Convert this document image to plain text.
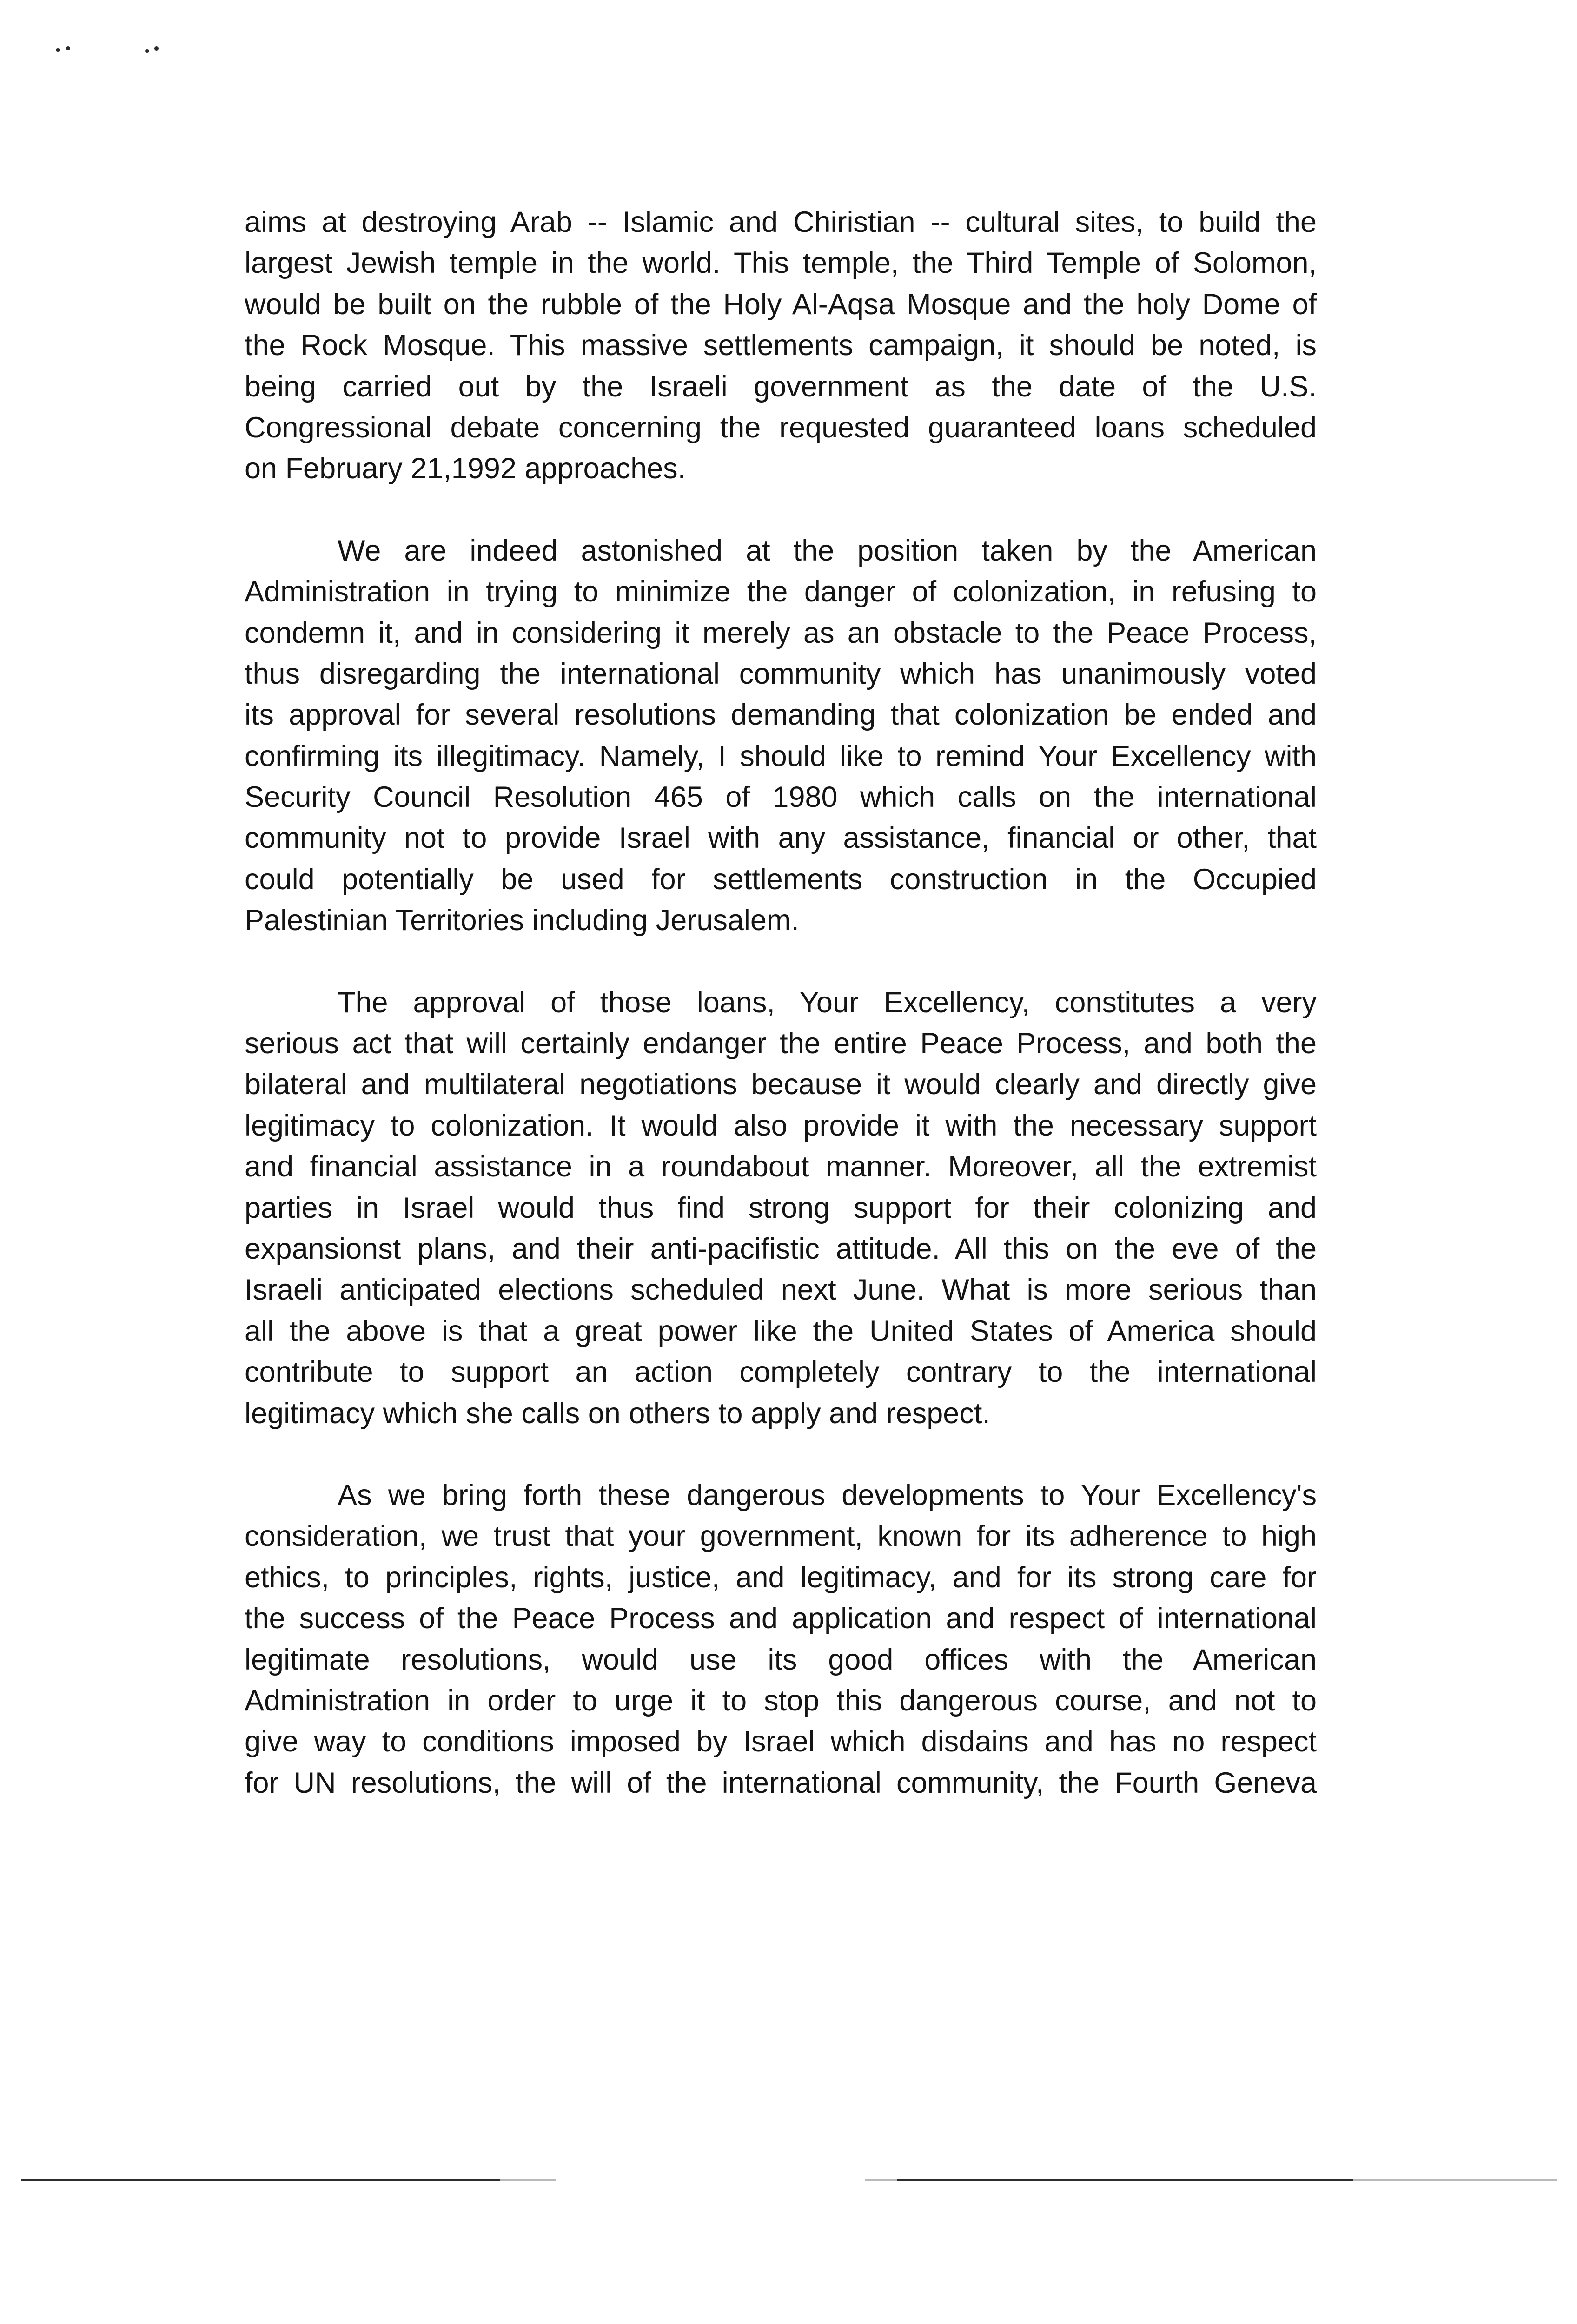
aims at destroying Arab -- Islamic and Chiristian -- cultural sites, to build the
largest Jewish temple in the world. This temple, the Third Temple of Solomon,
would be built on the rubble of the Holy Al-Aqsa Mosque and the holy Dome of
the Rock Mosque. This massive settlements campaign, it should be noted, is
being carried out by the Israeli government as the date of the U.S.
Congressional debate concerning the requested guaranteed loans scheduled
on February 21,1992 approaches.
We are indeed astonished at the position taken by the American
Administration in trying to minimize the danger of colonization, in refusing to
condemn it, and in considering it merely as an obstacle to the Peace Process,
thus disregarding the international community which has unanimously voted
its approval for several resolutions demanding that colonization be ended and
confirming its illegitimacy. Namely, I should like to remind Your Excellency with
Security Council Resolution 465 of 1980 which calls on the international
community not to provide Israel with any assistance, financial or other, that
could potentially be used for settlements construction in the Occupied
Palestinian Territories including Jerusalem.
The approval of those loans, Your Excellency, constitutes a very
serious act that will certainly endanger the entire Peace Process, and both the
bilateral and multilateral negotiations because it would clearly and directly give
legitimacy to colonization. It would also provide it with the necessary support
and financial assistance in a roundabout manner. Moreover, all the extremist
parties in Israel would thus find strong support for their colonizing and
expansionst plans, and their anti-pacifistic attitude. All this on the eve of the
Israeli anticipated elections scheduled next June. What is more serious than
all the above is that a great power like the United States of America should
contribute to support an action completely contrary to the international
legitimacy which she calls on others to apply and respect.
As we bring forth these dangerous developments to Your Excellency's
consideration, we trust that your government, known for its adherence to high
ethics, to principles, rights, justice, and legitimacy, and for its strong care for
the success of the Peace Process and application and respect of international
legitimate resolutions, would use its good offices with the American
Administration in order to urge it to stop this dangerous course, and not to
give way to conditions imposed by Israel which disdains and has no respect
for UN resolutions, the will of the international community, the Fourth Geneva
